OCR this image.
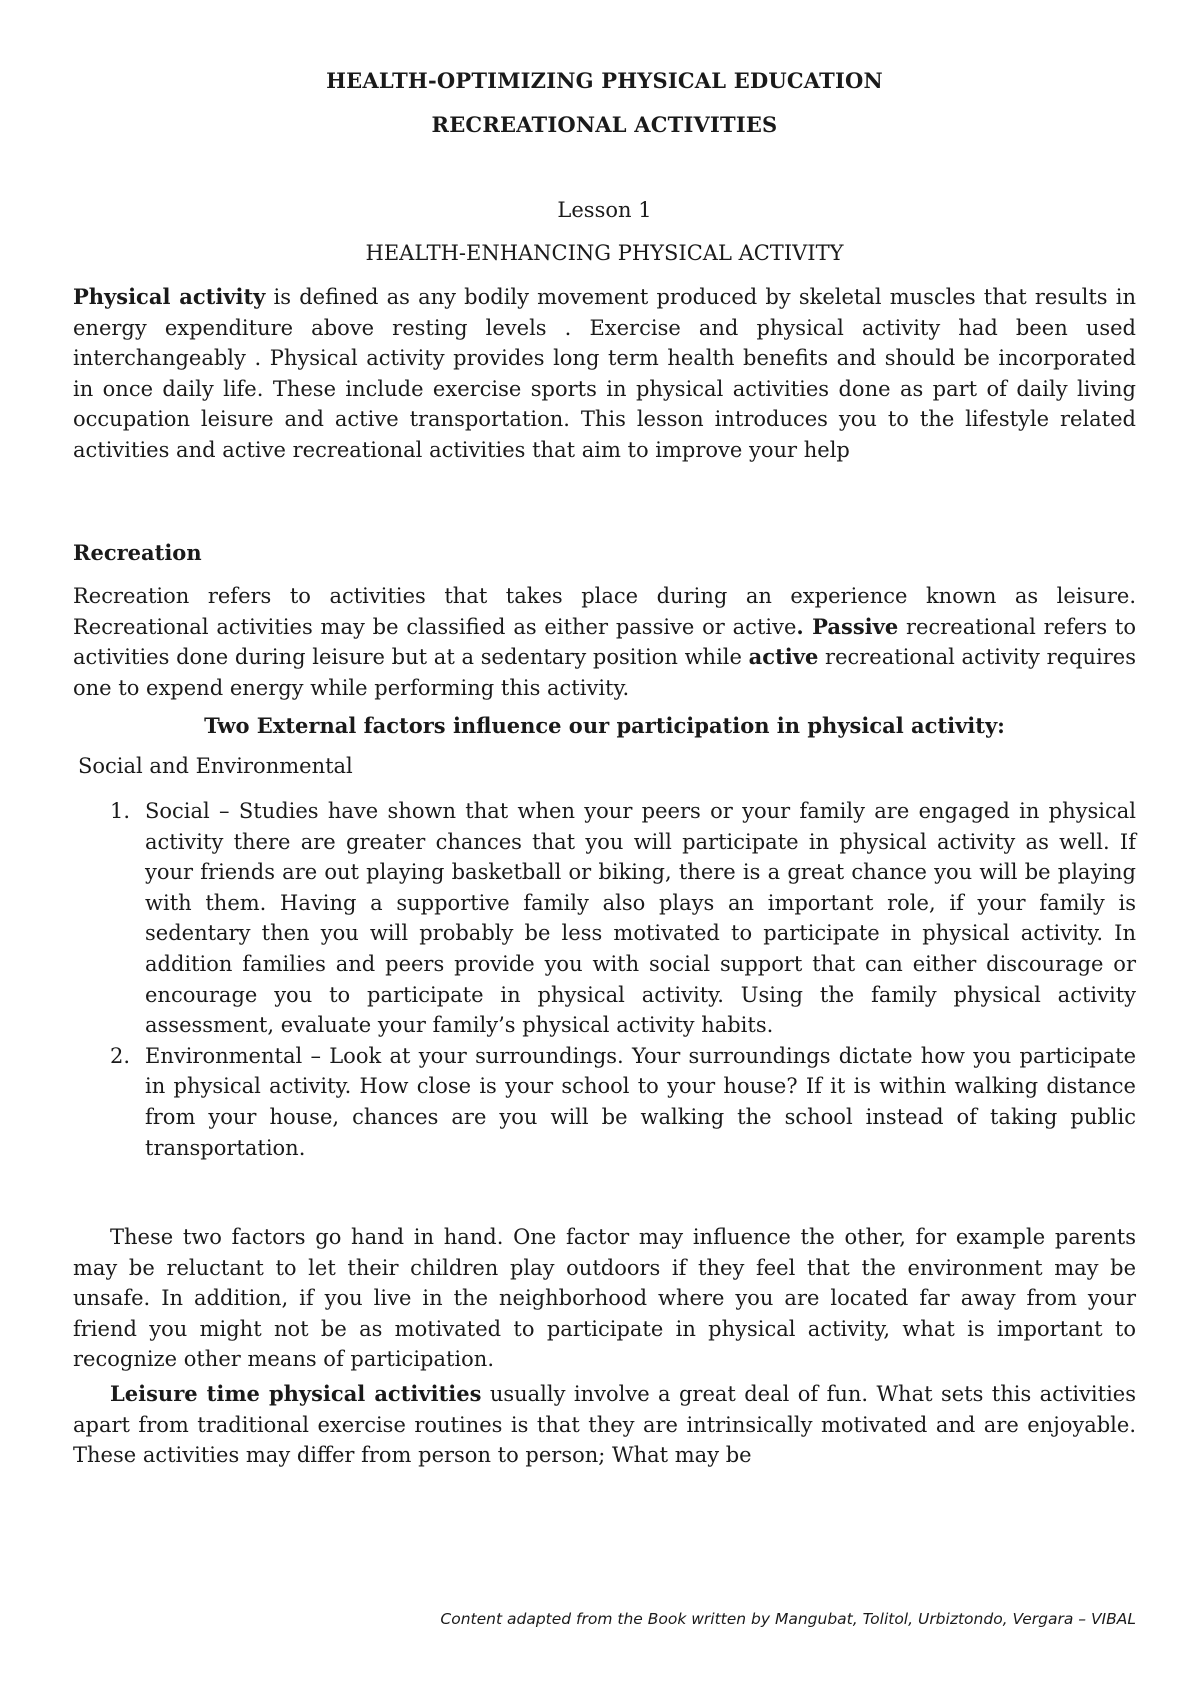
HEALTH-OPTIMIZING PHYSICAL EDUCATION
RECREATIONAL ACTIVITIES
Lesson 1
HEALTH-ENHANCING PHYSICAL ACTIVITY

Physical activity is defined as any bodily movement produced by skeletal muscles that results in energy expenditure above resting levels . Exercise and physical activity had been used interchangeably . Physical activity provides long term health benefits and should be incorporated in once daily life. These include exercise sports in physical activities done as part of daily living occupation leisure and active transportation. This lesson introduces you to the lifestyle related activities and active recreational activities that aim to improve your help

Recreation

Recreation refers to activities that takes place during an experience known as leisure. Recreational activities may be classified as either passive or active. Passive recreational refers to activities done during leisure but at a sedentary position while active recreational activity requires one to expend energy while performing this activity.

Two External factors influence our participation in physical activity:
Social and Environmental
1. Social – Studies have shown that when your peers or your family are engaged in physical activity there are greater chances that you will participate in physical activity as well. If your friends are out playing basketball or biking, there is a great chance you will be playing with them. Having a supportive family also plays an important role, if your family is sedentary then you will probably be less motivated to participate in physical activity. In addition families and peers provide you with social support that can either discourage or encourage you to participate in physical activity. Using the family physical activity assessment, evaluate your family’s physical activity habits.
2. Environmental – Look at your surroundings. Your surroundings dictate how you participate in physical activity. How close is your school to your house? If it is within walking distance from your house, chances are you will be walking the school instead of taking public transportation.

These two factors go hand in hand. One factor may influence the other, for example parents may be reluctant to let their children play outdoors if they feel that the environment may be unsafe. In addition, if you live in the neighborhood where you are located far away from your friend you might not be as motivated to participate in physical activity, what is important to recognize other means of participation.

Leisure time physical activities usually involve a great deal of fun. What sets this activities apart from traditional exercise routines is that they are intrinsically motivated and are enjoyable. These activities may differ from person to person; What may be

Content adapted from the Book written by Mangubat, Tolitol, Urbiztondo, Vergara – VIBAL
